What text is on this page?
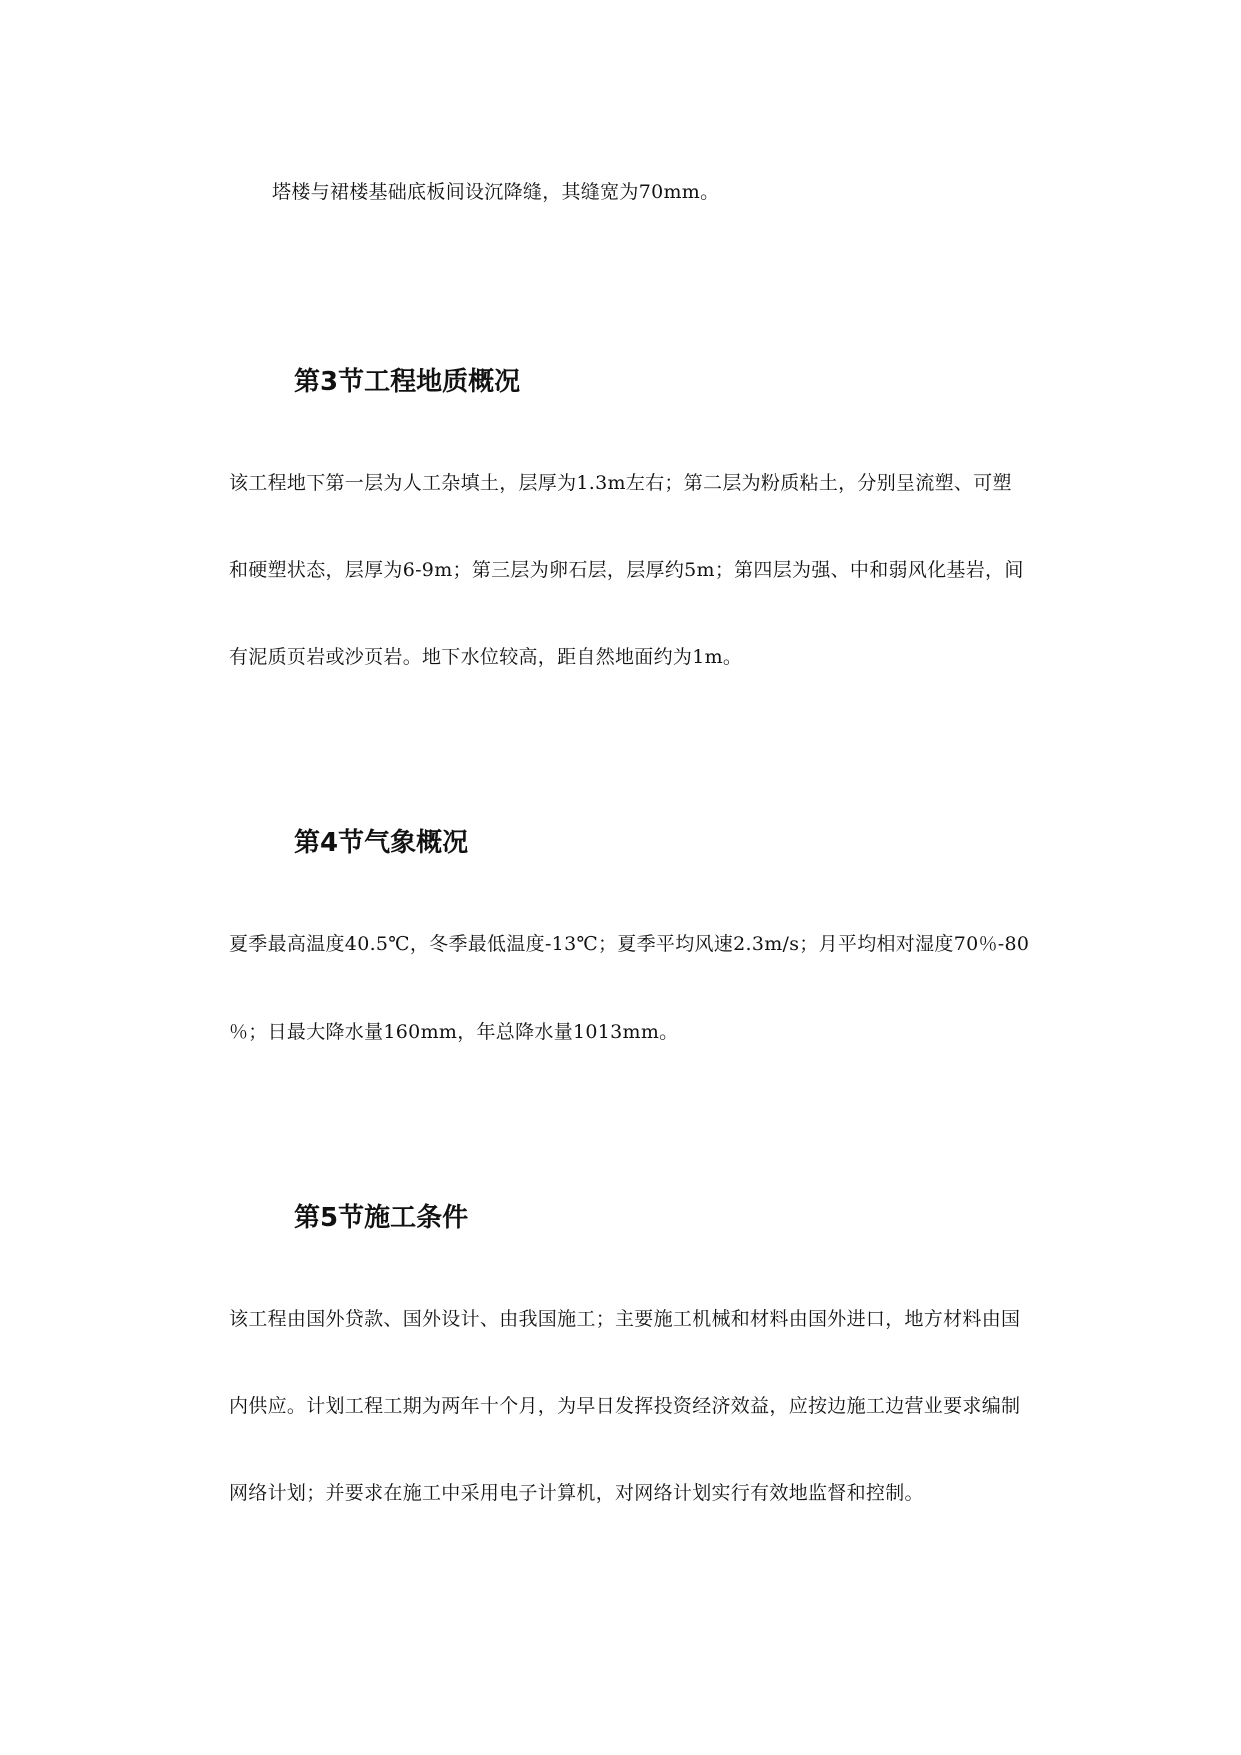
塔楼与裙楼基础底板间设沉降缝，其缝宽为70mm。
第3节工程地质概况
该工程地下第一层为人工杂填土，层厚为1.3m左右；第二层为粉质粘土，分别呈流塑、可塑
和硬塑状态，层厚为6-9m；第三层为卵石层，层厚约5m；第四层为强、中和弱风化基岩，间
有泥质页岩或沙页岩。地下水位较高，距自然地面约为1m。
第4节气象概况
夏季最高温度40.5℃，冬季最低温度-13℃；夏季平均风速2.3m/s；月平均相对湿度70％-80
％；日最大降水量160mm，年总降水量1013mm。
第5节施工条件
该工程由国外贷款、国外设计、由我国施工；主要施工机械和材料由国外进口，地方材料由国
内供应。计划工程工期为两年十个月，为早日发挥投资经济效益，应按边施工边营业要求编制
网络计划；并要求在施工中采用电子计算机，对网络计划实行有效地监督和控制。
